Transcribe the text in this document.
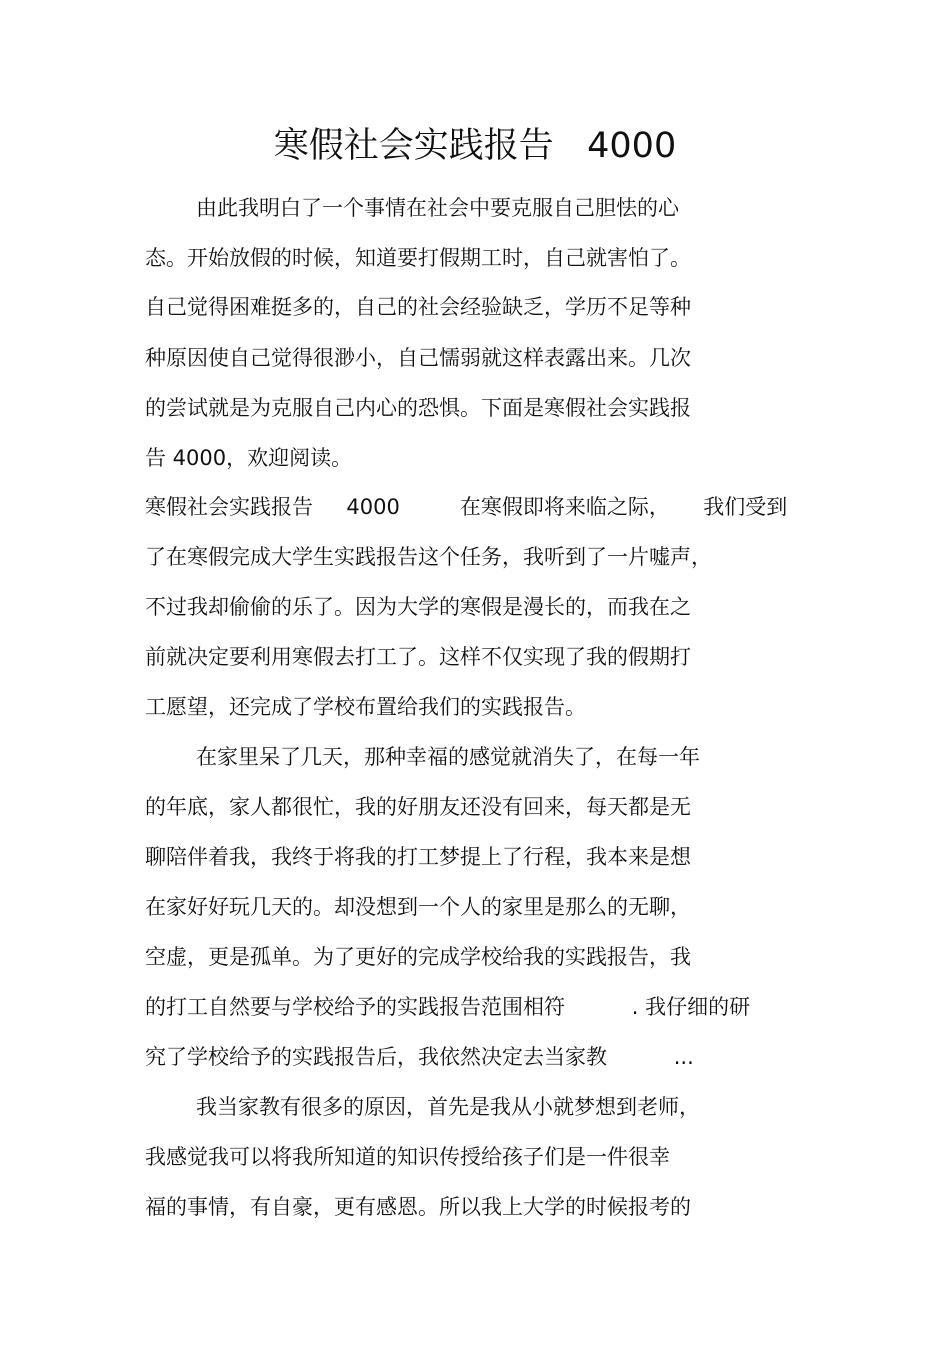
寒假社会实践报告   4000
由此我明白了一个事情在社会中要克服自己胆怯的心
态。开始放假的时候，知道要打假期工时，自己就害怕了。
自己觉得困难挺多的，自己的社会经验缺乏，学历不足等种
种原因使自己觉得很渺小，自己懦弱就这样表露出来。几次
的尝试就是为克服自己内心的恐惧。下面是寒假社会实践报
告 4000，欢迎阅读。
寒假社会实践报告     4000         在寒假即将来临之际，     我们受到
了在寒假完成大学生实践报告这个任务，我听到了一片嘘声，
不过我却偷偷的乐了。因为大学的寒假是漫长的，而我在之
前就决定要利用寒假去打工了。这样不仅实现了我的假期打
工愿望，还完成了学校布置给我们的实践报告。
在家里呆了几天，那种幸福的感觉就消失了，在每一年
的年底，家人都很忙，我的好朋友还没有回来，每天都是无
聊陪伴着我，我终于将我的打工梦提上了行程，我本来是想
在家好好玩几天的。却没想到一个人的家里是那么的无聊，
空虚，更是孤单。为了更好的完成学校给我的实践报告，我
的打工自然要与学校给予的实践报告范围相符          . 我仔细的研
究了学校给予的实践报告后，我依然决定去当家教          ...
我当家教有很多的原因，首先是我从小就梦想到老师，
我感觉我可以将我所知道的知识传授给孩子们是一件很幸
福的事情，有自豪，更有感恩。所以我上大学的时候报考的
